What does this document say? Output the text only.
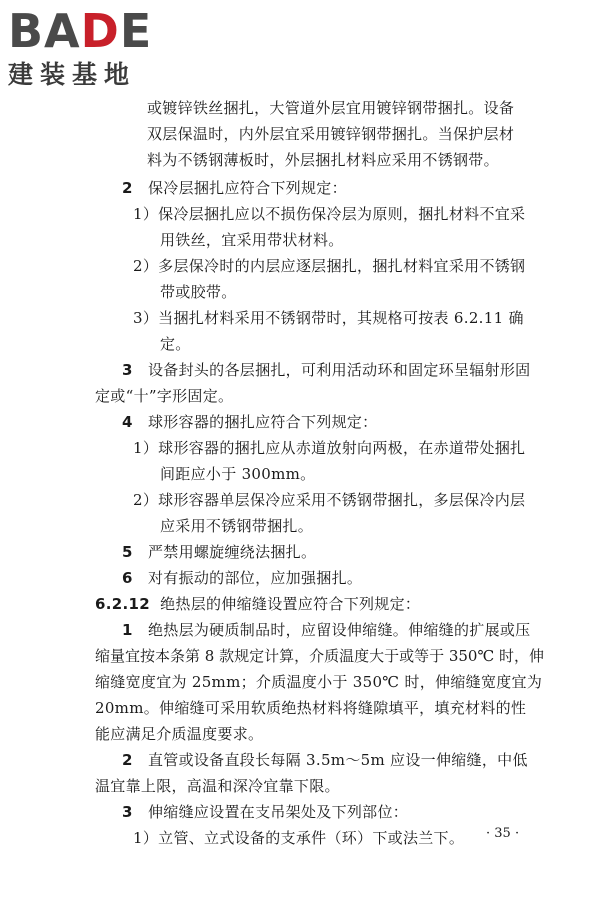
BADE
建装基地
或镀锌铁丝捆扎，大管道外层宜用镀锌钢带捆扎。设备
双层保温时，内外层宜采用镀锌钢带捆扎。当保护层材
料为不锈钢薄板时，外层捆扎材料应采用不锈钢带。
2 保冷层捆扎应符合下列规定：
1）保冷层捆扎应以不损伤保冷层为原则，捆扎材料不宜采
用铁丝，宜采用带状材料。
2）多层保冷时的内层应逐层捆扎，捆扎材料宜采用不锈钢
带或胶带。
3）当捆扎材料采用不锈钢带时，其规格可按表 6.2.11 确
定。
3 设备封头的各层捆扎，可利用活动环和固定环呈辐射形固
定或“十”字形固定。
4 球形容器的捆扎应符合下列规定：
1）球形容器的捆扎应从赤道放射向两极，在赤道带处捆扎
间距应小于 300mm。
2）球形容器单层保冷应采用不锈钢带捆扎，多层保冷内层
应采用不锈钢带捆扎。
5 严禁用螺旋缠绕法捆扎。
6 对有振动的部位，应加强捆扎。
6.2.12 绝热层的伸缩缝设置应符合下列规定：
1 绝热层为硬质制品时，应留设伸缩缝。伸缩缝的扩展或压
缩量宜按本条第 8 款规定计算，介质温度大于或等于 350℃ 时，伸
缩缝宽度宜为 25mm；介质温度小于 350℃ 时，伸缩缝宽度宜为
20mm。伸缩缝可采用软质绝热材料将缝隙填平，填充材料的性
能应满足介质温度要求。
2 直管或设备直段长每隔 3.5m～5m 应设一伸缩缝，中低
温宜靠上限，高温和深冷宜靠下限。
3 伸缩缝应设置在支吊架处及下列部位：
1）立管、立式设备的支承件（环）下或法兰下。 · 35 ·
